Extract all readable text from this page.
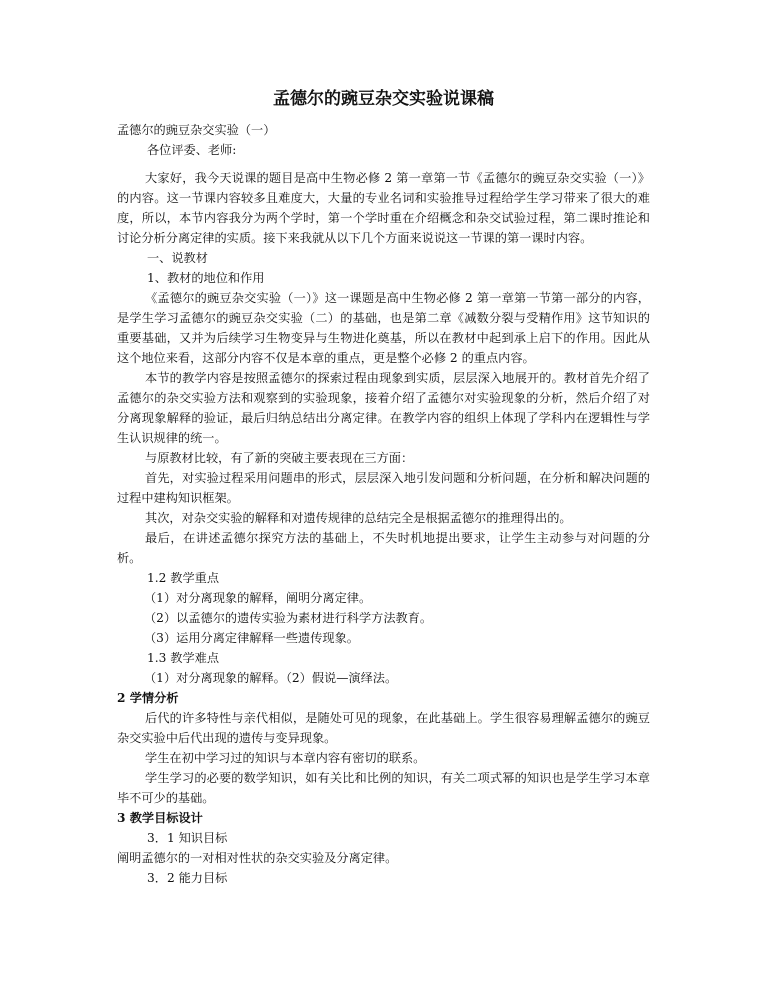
孟德尔的豌豆杂交实验说课稿

孟德尔的豌豆杂交实验（一）

各位评委、老师:

大家好，我今天说课的题目是高中生物必修 2 第一章第一节《孟德尔的豌豆杂交实验（一）》的内容。这一节课内容较多且难度大，大量的专业名词和实验推导过程给学生学习带来了很大的难度，所以，本节内容我分为两个学时，第一个学时重在介绍概念和杂交试验过程，第二课时推论和讨论分析分离定律的实质。接下来我就从以下几个方面来说说这一节课的第一课时内容。

一、说教材

1、教材的地位和作用

《孟德尔的豌豆杂交实验（一）》这一课题是高中生物必修 2 第一章第一节第一部分的内容，是学生学习孟德尔的豌豆杂交实验（二）的基础，也是第二章《减数分裂与受精作用》这节知识的重要基础，又并为后续学习生物变异与生物进化奠基，所以在教材中起到承上启下的作用。因此从这个地位来看，这部分内容不仅是本章的重点，更是整个必修 2 的重点内容。

本节的教学内容是按照孟德尔的探索过程由现象到实质，层层深入地展开的。教材首先介绍了孟德尔的杂交实验方法和观察到的实验现象，接着介绍了孟德尔对实验现象的分析，然后介绍了对分离现象解释的验证，最后归纳总结出分离定律。在教学内容的组织上体现了学科内在逻辑性与学生认识规律的统一。

与原教材比较，有了新的突破主要表现在三方面：

首先，对实验过程采用问题串的形式，层层深入地引发问题和分析问题，在分析和解决问题的过程中建构知识框架。

其次，对杂交实验的解释和对遗传规律的总结完全是根据孟德尔的推理得出的。

最后，在讲述孟德尔探究方法的基础上，不失时机地提出要求，让学生主动参与对问题的分析。

1.2 教学重点

（1）对分离现象的解释，阐明分离定律。

（2）以孟德尔的遗传实验为素材进行科学方法教育。

（3）运用分离定律解释一些遗传现象。

1.3 教学难点

（1）对分离现象的解释。（2）假说—演绎法。

2 学情分析

后代的许多特性与亲代相似，是随处可见的现象，在此基础上。学生很容易理解孟德尔的豌豆杂交实验中后代出现的遗传与变异现象。

学生在初中学习过的知识与本章内容有密切的联系。

学生学习的必要的数学知识，如有关比和比例的知识，有关二项式幂的知识也是学生学习本章毕不可少的基础。

3 教学目标设计

3．1 知识目标

阐明孟德尔的一对相对性状的杂交实验及分离定律。

3．2 能力目标
